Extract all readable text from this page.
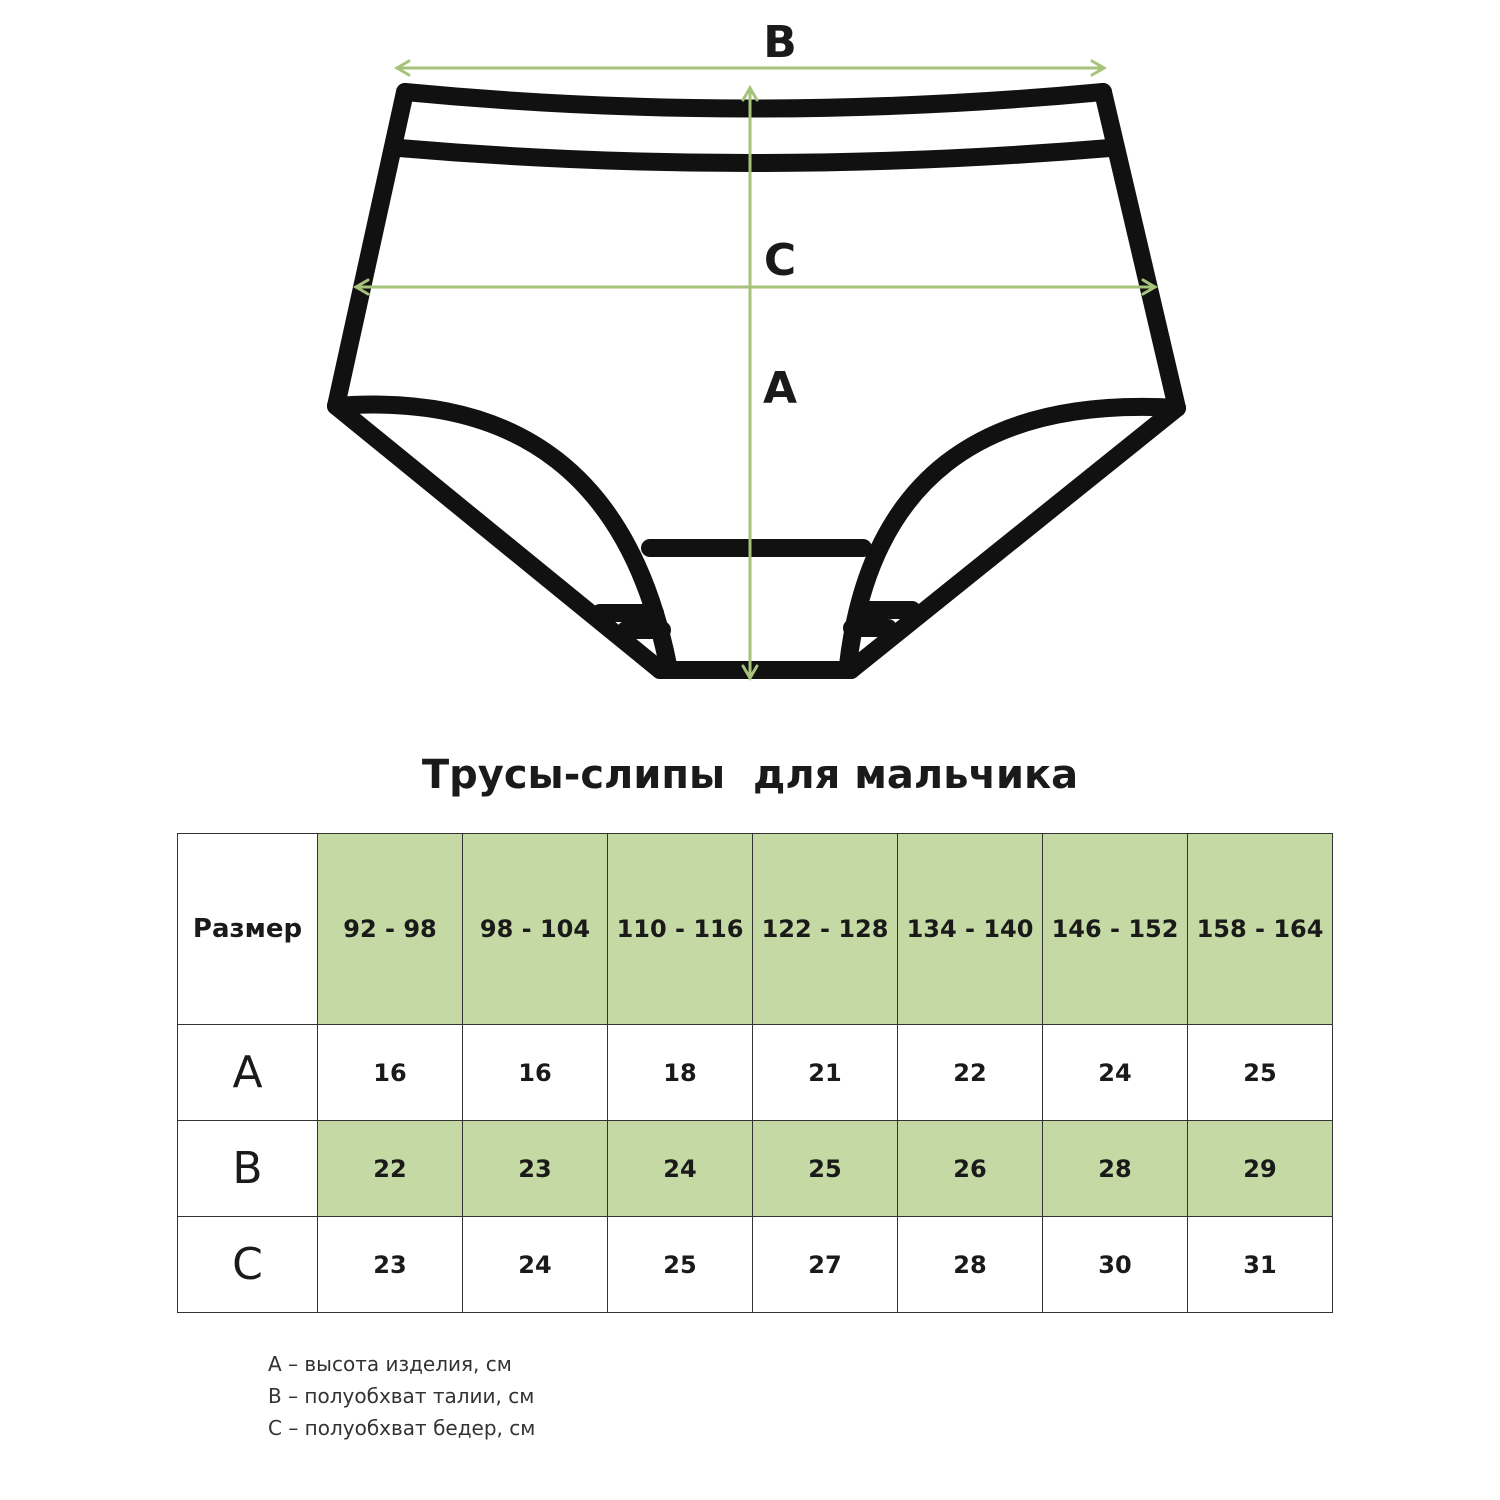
B
C
A
Трусы-слипы  для мальчика
Размер	92 - 98	98 - 104	110 - 116	122 - 128	134 - 140	146 - 152	158 - 164
A	16	16	18	21	22	24	25
B	22	23	24	25	26	28	29
C	23	24	25	27	28	30	31
А – высота изделия, см
В – полуобхват талии, см
С – полуобхват бедер, см
